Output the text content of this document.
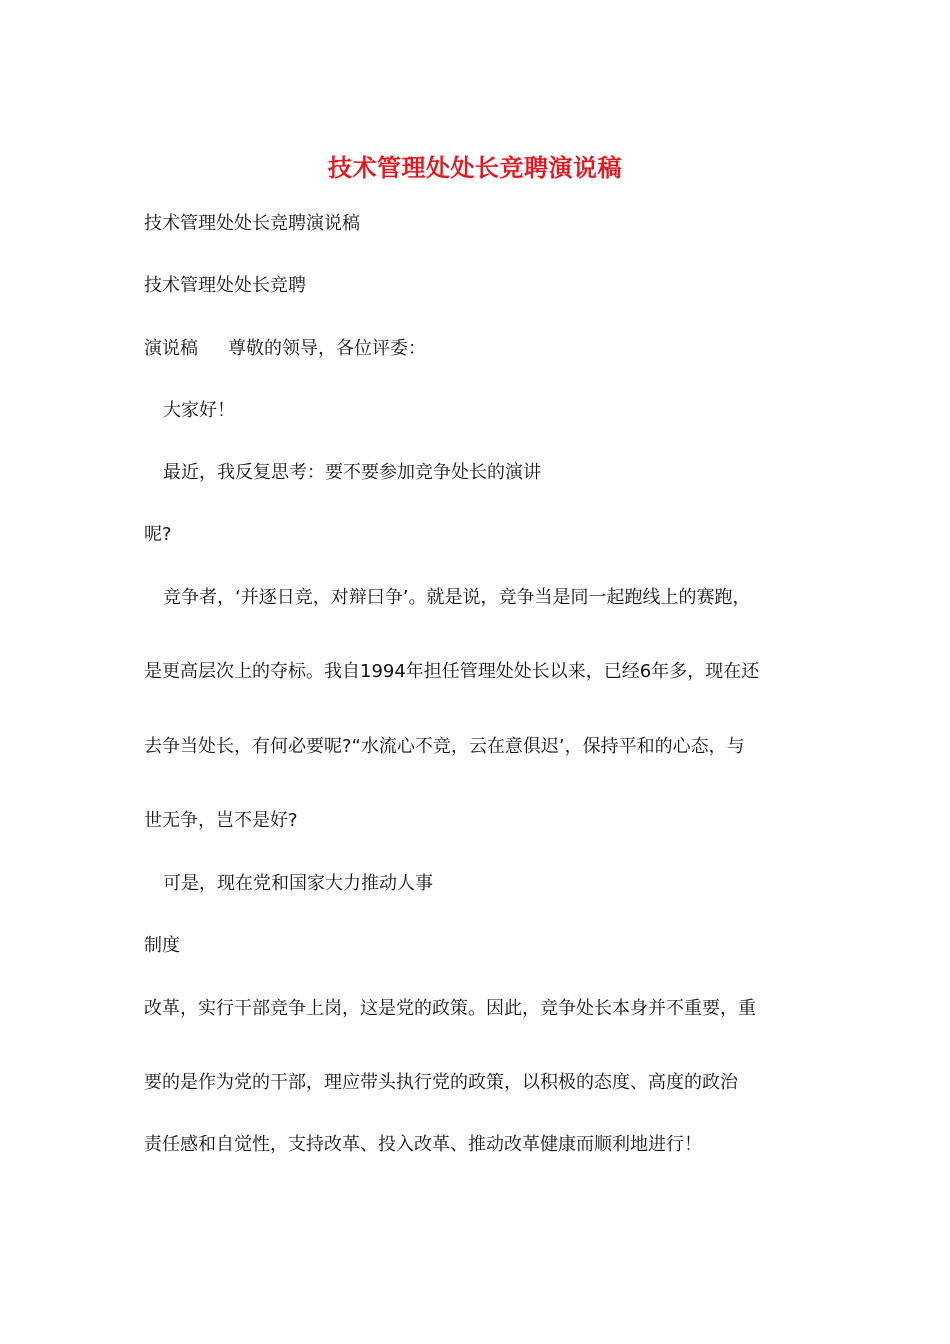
技术管理处处长竞聘演说稿
技术管理处处长竞聘演说稿
技术管理处处长竞聘
演说稿 尊敬的领导，各位评委：
大家好！
最近，我反复思考：要不要参加竞争处长的演讲
呢?
竞争者，‘并逐日竞，对辩曰争’。就是说，竞争当是同一起跑线上的赛跑，
是更高层次上的夺标。我自1994年担任管理处处长以来，已经6年多，现在还
去争当处长，有何必要呢?“水流心不竞，云在意俱迟’，保持平和的心态，与
世无争，岂不是好?
可是，现在党和国家大力推动人事
制度
改革，实行干部竞争上岗，这是党的政策。因此，竞争处长本身并不重要，重
要的是作为党的干部，理应带头执行党的政策，以积极的态度、高度的政治
责任感和自觉性，支持改革、投入改革、推动改革健康而顺利地进行！
